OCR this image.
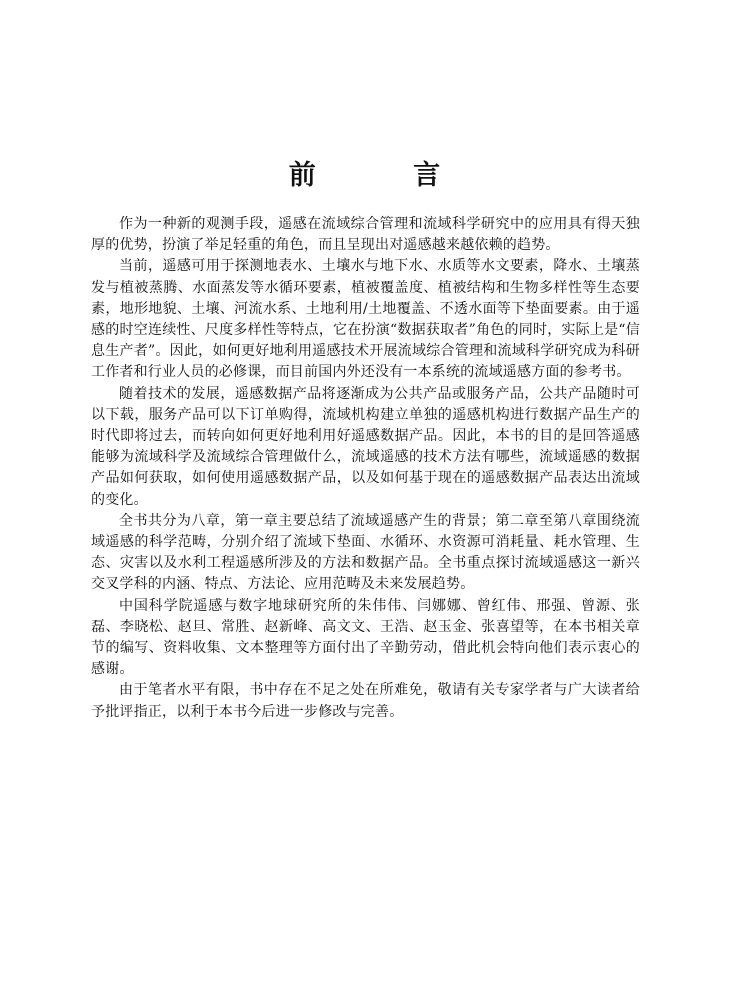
前 言

作为一种新的观测手段，遥感在流域综合管理和流域科学研究中的应用具有得天独厚的优势，扮演了举足轻重的角色，而且呈现出对遥感越来越依赖的趋势。

当前，遥感可用于探测地表水、土壤水与地下水、水质等水文要素，降水、土壤蒸发与植被蒸腾、水面蒸发等水循环要素，植被覆盖度、植被结构和生物多样性等生态要素，地形地貌、土壤、河流水系、土地利用/土地覆盖、不透水面等下垫面要素。由于遥感的时空连续性、尺度多样性等特点，它在扮演“数据获取者”角色的同时，实际上是“信息生产者”。因此，如何更好地利用遥感技术开展流域综合管理和流域科学研究成为科研工作者和行业人员的必修课，而目前国内外还没有一本系统的流域遥感方面的参考书。

随着技术的发展，遥感数据产品将逐渐成为公共产品或服务产品，公共产品随时可以下载，服务产品可以下订单购得，流域机构建立单独的遥感机构进行数据产品生产的时代即将过去，而转向如何更好地利用好遥感数据产品。因此，本书的目的是回答遥感能够为流域科学及流域综合管理做什么，流域遥感的技术方法有哪些，流域遥感的数据产品如何获取，如何使用遥感数据产品，以及如何基于现在的遥感数据产品表达出流域的变化。

全书共分为八章，第一章主要总结了流域遥感产生的背景；第二章至第八章围绕流域遥感的科学范畴，分别介绍了流域下垫面、水循环、水资源可消耗量、耗水管理、生态、灾害以及水利工程遥感所涉及的方法和数据产品。全书重点探讨流域遥感这一新兴交叉学科的内涵、特点、方法论、应用范畴及未来发展趋势。

中国科学院遥感与数字地球研究所的朱伟伟、闫娜娜、曾红伟、邢强、曾源、张磊、李晓松、赵旦、常胜、赵新峰、高文文、王浩、赵玉金、张喜望等，在本书相关章节的编写、资料收集、文本整理等方面付出了辛勤劳动，借此机会特向他们表示衷心的感谢。

由于笔者水平有限，书中存在不足之处在所难免，敬请有关专家学者与广大读者给予批评指正，以利于本书今后进一步修改与完善。
